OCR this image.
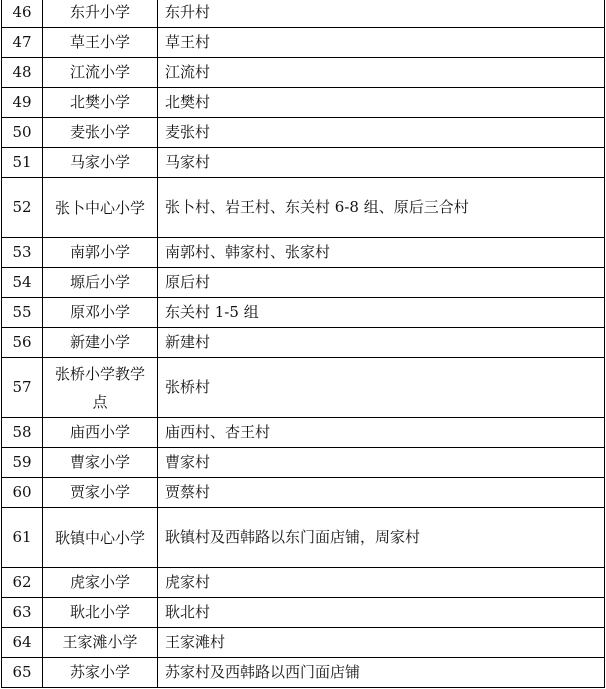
46	东升小学	东升村
47	草王小学	草王村
48	江流小学	江流村
49	北樊小学	北樊村
50	麦张小学	麦张村
51	马家小学	马家村
52	张卜中心小学	张卜村、岩王村、东关村 6-8 组、原后三合村
53	南郭小学	南郭村、韩家村、张家村
54	塬后小学	原后村
55	原邓小学	东关村 1-5 组
56	新建小学	新建村
57	张桥小学教学点	张桥村
58	庙西小学	庙西村、杏王村
59	曹家小学	曹家村
60	贾家小学	贾蔡村
61	耿镇中心小学	耿镇村及西韩路以东门面店铺，周家村
62	虎家小学	虎家村
63	耿北小学	耿北村
64	王家滩小学	王家滩村
65	苏家小学	苏家村及西韩路以西门面店铺
